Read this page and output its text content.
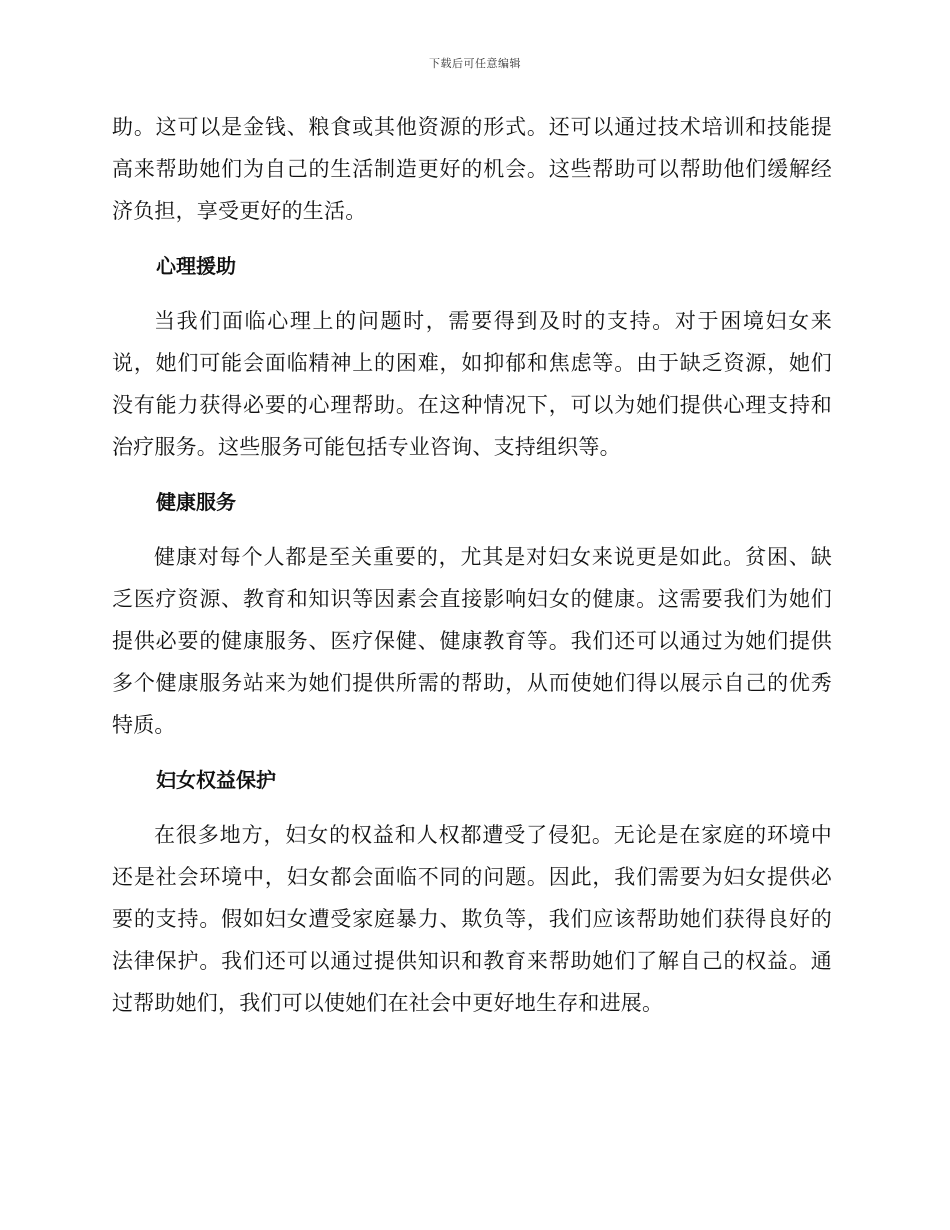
下载后可任意编辑

助。这可以是金钱、粮食或其他资源的形式。还可以通过技术培训和技能提高来帮助她们为自己的生活制造更好的机会。这些帮助可以帮助他们缓解经济负担，享受更好的生活。

心理援助

当我们面临心理上的问题时，需要得到及时的支持。对于困境妇女来说，她们可能会面临精神上的困难，如抑郁和焦虑等。由于缺乏资源，她们没有能力获得必要的心理帮助。在这种情况下，可以为她们提供心理支持和治疗服务。这些服务可能包括专业咨询、支持组织等。

健康服务

健康对每个人都是至关重要的，尤其是对妇女来说更是如此。贫困、缺乏医疗资源、教育和知识等因素会直接影响妇女的健康。这需要我们为她们提供必要的健康服务、医疗保健、健康教育等。我们还可以通过为她们提供多个健康服务站来为她们提供所需的帮助，从而使她们得以展示自己的优秀特质。

妇女权益保护

在很多地方，妇女的权益和人权都遭受了侵犯。无论是在家庭的环境中还是社会环境中，妇女都会面临不同的问题。因此，我们需要为妇女提供必要的支持。假如妇女遭受家庭暴力、欺负等，我们应该帮助她们获得良好的法律保护。我们还可以通过提供知识和教育来帮助她们了解自己的权益。通过帮助她们，我们可以使她们在社会中更好地生存和进展。
